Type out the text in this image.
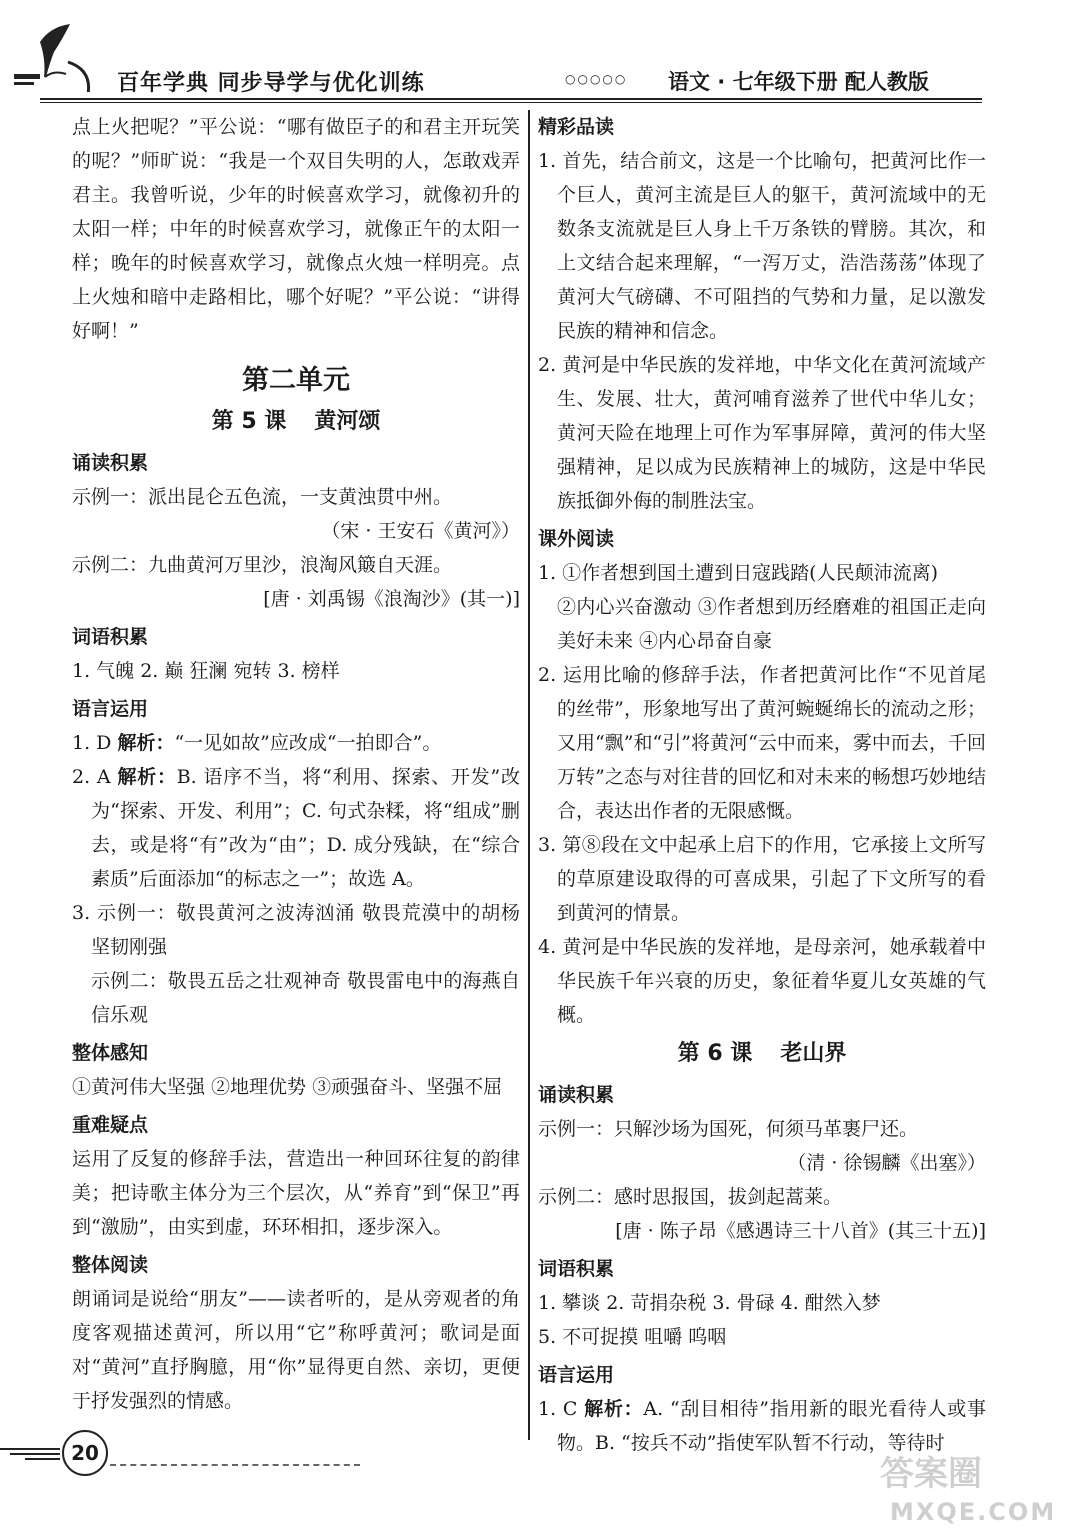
百年学典 同步导学与优化训练	○○○○○ 语文 · 七年级下册 配人教版

点上火把呢？”平公说：“哪有做臣子的和君主开玩笑的呢？”师旷说：“我是一个双目失明的人，怎敢戏弄君主。我曾听说，少年的时候喜欢学习，就像初升的太阳一样；中年的时候喜欢学习，就像正午的太阳一样；晚年的时候喜欢学习，就像点火烛一样明亮。点上火烛和暗中走路相比，哪个好呢？”平公说：“讲得好啊！”

第二单元
第 5 课 黄河颂
诵读积累

示例一：派出昆仑五色流，一支黄浊贯中州。

（宋 · 王安石《黄河》）

示例二：九曲黄河万里沙，浪淘风簸自天涯。

[唐 · 刘禹锡《浪淘沙》(其一)]

词语积累

1. 气魄 2. 巅 狂澜 宛转 3. 榜样

语言运用

1. D 解析：“一见如故”应改成“一拍即合”。

2. A 解析：B. 语序不当，将“利用、探索、开发”改为“探索、开发、利用”；C. 句式杂糅，将“组成”删去，或是将“有”改为“由”；D. 成分残缺，在“综合素质”后面添加“的标志之一”；故选 A。

3. 示例一：敬畏黄河之波涛汹涌 敬畏荒漠中的胡杨坚韧刚强

示例二：敬畏五岳之壮观神奇 敬畏雷电中的海燕自信乐观

整体感知

①黄河伟大坚强 ②地理优势 ③顽强奋斗、坚强不屈

重难疑点

运用了反复的修辞手法，营造出一种回环往复的韵律美；把诗歌主体分为三个层次，从“养育”到“保卫”再到“激励”，由实到虚，环环相扣，逐步深入。

整体阅读

朗诵词是说给“朋友”——读者听的，是从旁观者的角度客观描述黄河，所以用“它”称呼黄河；歌词是面对“黄河”直抒胸臆，用“你”显得更自然、亲切，更便于抒发强烈的情感。

精彩品读

1. 首先，结合前文，这是一个比喻句，把黄河比作一个巨人，黄河主流是巨人的躯干，黄河流域中的无数条支流就是巨人身上千万条铁的臂膀。其次，和上文结合起来理解，“一泻万丈，浩浩荡荡”体现了黄河大气磅礴、不可阻挡的气势和力量，足以激发民族的精神和信念。

2. 黄河是中华民族的发祥地，中华文化在黄河流域产生、发展、壮大，黄河哺育滋养了世代中华儿女；黄河天险在地理上可作为军事屏障，黄河的伟大坚强精神，足以成为民族精神上的城防，这是中华民族抵御外侮的制胜法宝。

课外阅读

1. ①作者想到国土遭到日寇践踏(人民颠沛流离)

②内心兴奋激动 ③作者想到历经磨难的祖国正走向美好未来 ④内心昂奋自豪

2. 运用比喻的修辞手法，作者把黄河比作“不见首尾的丝带”，形象地写出了黄河蜿蜒绵长的流动之形；又用“飘”和“引”将黄河“云中而来，雾中而去，千回万转”之态与对往昔的回忆和对未来的畅想巧妙地结合，表达出作者的无限感慨。

3. 第⑧段在文中起承上启下的作用，它承接上文所写的草原建设取得的可喜成果，引起了下文所写的看到黄河的情景。

4. 黄河是中华民族的发祥地，是母亲河，她承载着中华民族千年兴衰的历史，象征着华夏儿女英雄的气概。

第 6 课 老山界
诵读积累

示例一：只解沙场为国死，何须马革裹尸还。

（清 · 徐锡麟《出塞》）

示例二：感时思报国，拔剑起蒿莱。

[唐 · 陈子昂《感遇诗三十八首》(其三十五)]

词语积累

1. 攀谈 2. 苛捐杂税 3. 骨碌 4. 酣然入梦

5. 不可捉摸 咀嚼 呜咽

语言运用

1. C 解析：A. “刮目相待”指用新的眼光看待人或事物。B. “按兵不动”指使军队暂不行动，等待时

20
答案圈
MXQE.COM
